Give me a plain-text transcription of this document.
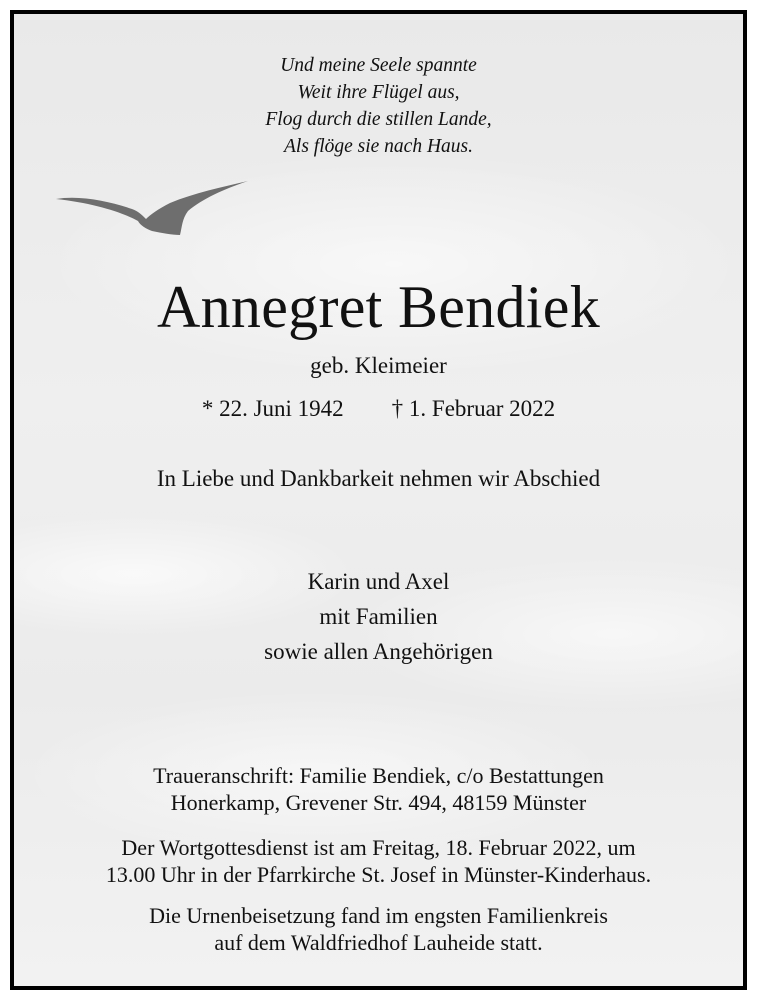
Und meine Seele spannte
Weit ihre Flügel aus,
Flog durch die stillen Lande,
Als flöge sie nach Haus.
Annegret Bendiek
geb. Kleimeier
* 22. Juni 1942 † 1. Februar 2022
In Liebe und Dankbarkeit nehmen wir Abschied
Karin und Axel
mit Familien
sowie allen Angehörigen
Traueranschrift: Familie Bendiek, c/o Bestattungen
Honerkamp, Grevener Str. 494, 48159 Münster
Der Wortgottesdienst ist am Freitag, 18. Februar 2022, um
13.00 Uhr in der Pfarrkirche St. Josef in Münster-Kinderhaus.
Die Urnenbeisetzung fand im engsten Familienkreis
auf dem Waldfriedhof Lauheide statt.
